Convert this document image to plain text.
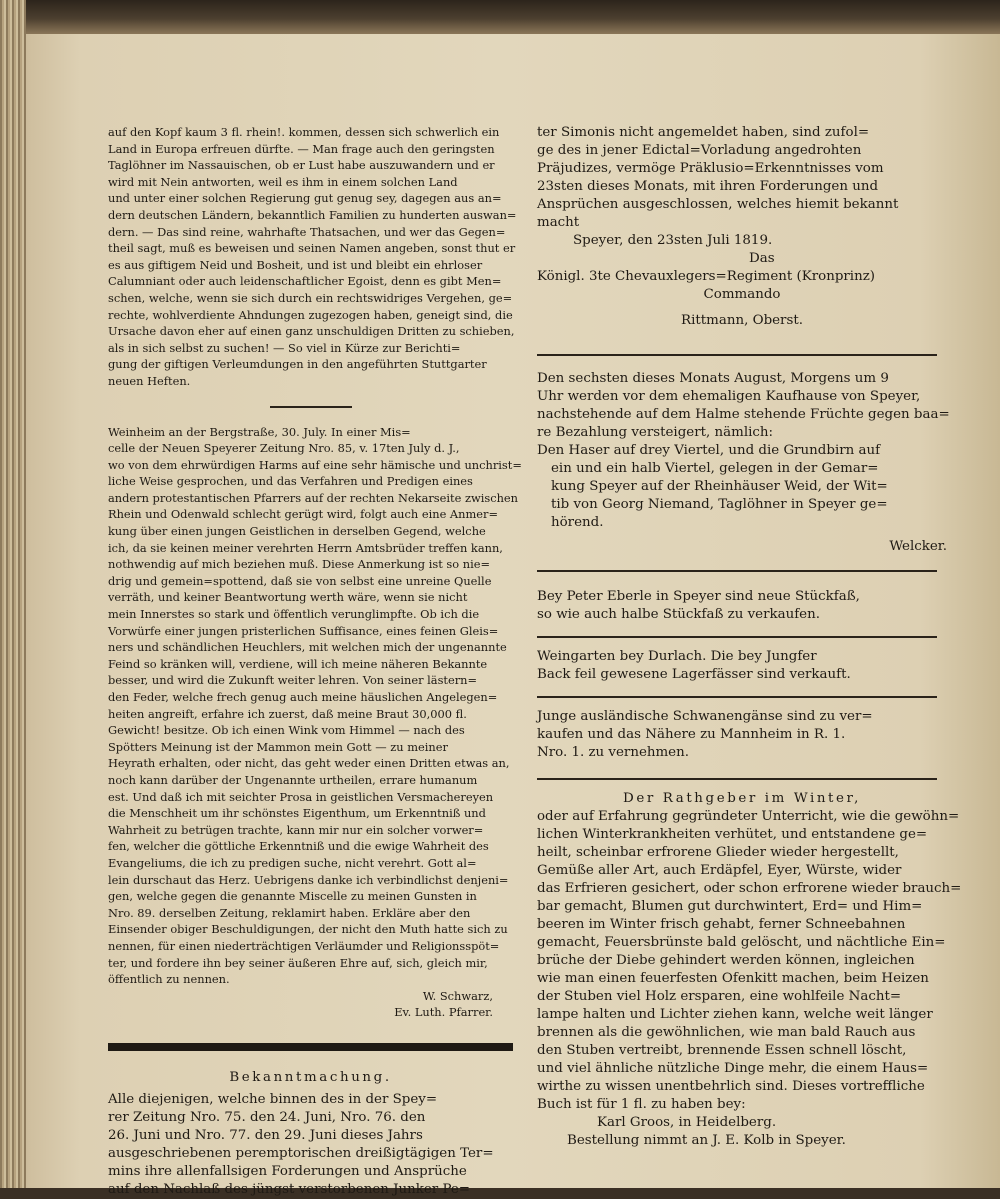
auf den Kopf kaum 3 fl. rhein!. kommen, dessen sich schwerlich ein
Land in Europa erfreuen dürfte. — Man frage auch den geringsten
Taglöhner im Nassauischen, ob er Lust habe auszuwandern und er
wird mit Nein antworten, weil es ihm in einem solchen Land
und unter einer solchen Regierung gut genug sey, dagegen aus an=
dern deutschen Ländern, bekanntlich Familien zu hunderten auswan=
dern. — Das sind reine, wahrhafte Thatsachen, und wer das Gegen=
theil sagt, muß es beweisen und seinen Namen angeben, sonst thut er
es aus giftigem Neid und Bosheit, und ist und bleibt ein ehrloser
Calumniant oder auch leidenschaftlicher Egoist, denn es gibt Men=
schen, welche, wenn sie sich durch ein rechtswidriges Vergehen, ge=
rechte, wohlverdiente Ahndungen zugezogen haben, geneigt sind, die
Ursache davon eher auf einen ganz unschuldigen Dritten zu schieben,
als in sich selbst zu suchen! — So viel in Kürze zur Berichti=
gung der giftigen Verleumdungen in den angeführten Stuttgarter
neuen Heften.
Weinheim an der Bergstraße, 30. July. In einer Mis=
celle der Neuen Speyerer Zeitung Nro. 85, v. 17ten July d. J.,
wo von dem ehrwürdigen Harms auf eine sehr hämische und unchrist=
liche Weise gesprochen, und das Verfahren und Predigen eines
andern protestantischen Pfarrers auf der rechten Nekarseite zwischen
Rhein und Odenwald schlecht gerügt wird, folgt auch eine Anmer=
kung über einen jungen Geistlichen in derselben Gegend, welche
ich, da sie keinen meiner verehrten Herrn Amtsbrüder treffen kann,
nothwendig auf mich beziehen muß. Diese Anmerkung ist so nie=
drig und gemein=spottend, daß sie von selbst eine unreine Quelle
verräth, und keiner Beantwortung werth wäre, wenn sie nicht
mein Innerstes so stark und öffentlich verunglimpfte. Ob ich die
Vorwürfe einer jungen pristerlichen Suffisance, eines feinen Gleis=
ners und schändlichen Heuchlers, mit welchen mich der ungenannte
Feind so kränken will, verdiene, will ich meine näheren Bekannte
besser, und wird die Zukunft weiter lehren. Von seiner lästern=
den Feder, welche frech genug auch meine häuslichen Angelegen=
heiten angreift, erfahre ich zuerst, daß meine Braut 30,000 fl.
Gewicht! besitze. Ob ich einen Wink vom Himmel — nach des
Spötters Meinung ist der Mammon mein Gott — zu meiner
Heyrath erhalten, oder nicht, das geht weder einen Dritten etwas an,
noch kann darüber der Ungenannte urtheilen, errare humanum
est. Und daß ich mit seichter Prosa in geistlichen Versmachereyen
die Menschheit um ihr schönstes Eigenthum, um Erkenntniß und
Wahrheit zu betrügen trachte, kann mir nur ein solcher vorwer=
fen, welcher die göttliche Erkenntniß und die ewige Wahrheit des
Evangeliums, die ich zu predigen suche, nicht verehrt. Gott al=
lein durschaut das Herz. Uebrigens danke ich verbindlichst denjeni=
gen, welche gegen die genannte Miscelle zu meinen Gunsten in
Nro. 89. derselben Zeitung, reklamirt haben. Erkläre aber den
Einsender obiger Beschuldigungen, der nicht den Muth hatte sich zu
nennen, für einen niederträchtigen Verläumder und Religionsspöt=
ter, und fordere ihn bey seiner äußeren Ehre auf, sich, gleich mir,
öffentlich zu nennen.
W. Schwarz,
Ev. Luth. Pfarrer.
Bekanntmachung.
Alle diejenigen, welche binnen des in der Spey=
rer Zeitung Nro. 75. den 24. Juni, Nro. 76. den
26. Juni und Nro. 77. den 29. Juni dieses Jahrs
ausgeschriebenen peremptorischen dreißigtägigen Ter=
mins ihre allenfallsigen Forderungen und Ansprüche
auf den Nachlaß des jüngst verstorbenen Junker Pe=
ter Simonis nicht angemeldet haben, sind zufol=
ge des in jener Edictal=Vorladung angedrohten
Präjudizes, vermöge Präklusio=Erkenntnisses vom
23sten dieses Monats, mit ihren Forderungen und
Ansprüchen ausgeschlossen, welches hiemit bekannt
macht
Speyer, den 23sten Juli 1819.
Das
Königl. 3te Chevauxlegers=Regiment (Kronprinz)
Commando
Rittmann, Oberst.
Den sechsten dieses Monats August, Morgens um 9
Uhr werden vor dem ehemaligen Kaufhause von Speyer,
nachstehende auf dem Halme stehende Früchte gegen baa=
re Bezahlung versteigert, nämlich:
Den Haser auf drey Viertel, und die Grundbirn auf
ein und ein halb Viertel, gelegen in der Gemar=
kung Speyer auf der Rheinhäuser Weid, der Wit=
tib von Georg Niemand, Taglöhner in Speyer ge=
hörend.
Welcker.
Bey Peter Eberle in Speyer sind neue Stückfaß,
so wie auch halbe Stückfaß zu verkaufen.
Weingarten bey Durlach. Die bey Jungfer
Back feil gewesene Lagerfässer sind verkauft.
Junge ausländische Schwanengänse sind zu ver=
kaufen und das Nähere zu Mannheim in R. 1.
Nro. 1. zu vernehmen.
Der Rathgeber im Winter,
oder auf Erfahrung gegründeter Unterricht, wie die gewöhn=
lichen Winterkrankheiten verhütet, und entstandene ge=
heilt, scheinbar erfrorene Glieder wieder hergestellt,
Gemüße aller Art, auch Erdäpfel, Eyer, Würste, wider
das Erfrieren gesichert, oder schon erfrorene wieder brauch=
bar gemacht, Blumen gut durchwintert, Erd= und Him=
beeren im Winter frisch gehabt, ferner Schneebahnen
gemacht, Feuersbrünste bald gelöscht, und nächtliche Ein=
brüche der Diebe gehindert werden können, ingleichen
wie man einen feuerfesten Ofenkitt machen, beim Heizen
der Stuben viel Holz ersparen, eine wohlfeile Nacht=
lampe halten und Lichter ziehen kann, welche weit länger
brennen als die gewöhnlichen, wie man bald Rauch aus
den Stuben vertreibt, brennende Essen schnell löscht,
und viel ähnliche nützliche Dinge mehr, die einem Haus=
wirthe zu wissen unentbehrlich sind. Dieses vortreffliche
Buch ist für 1 fl. zu haben bey:
Karl Groos, in Heidelberg.
Bestellung nimmt an J. E. Kolb in Speyer.
